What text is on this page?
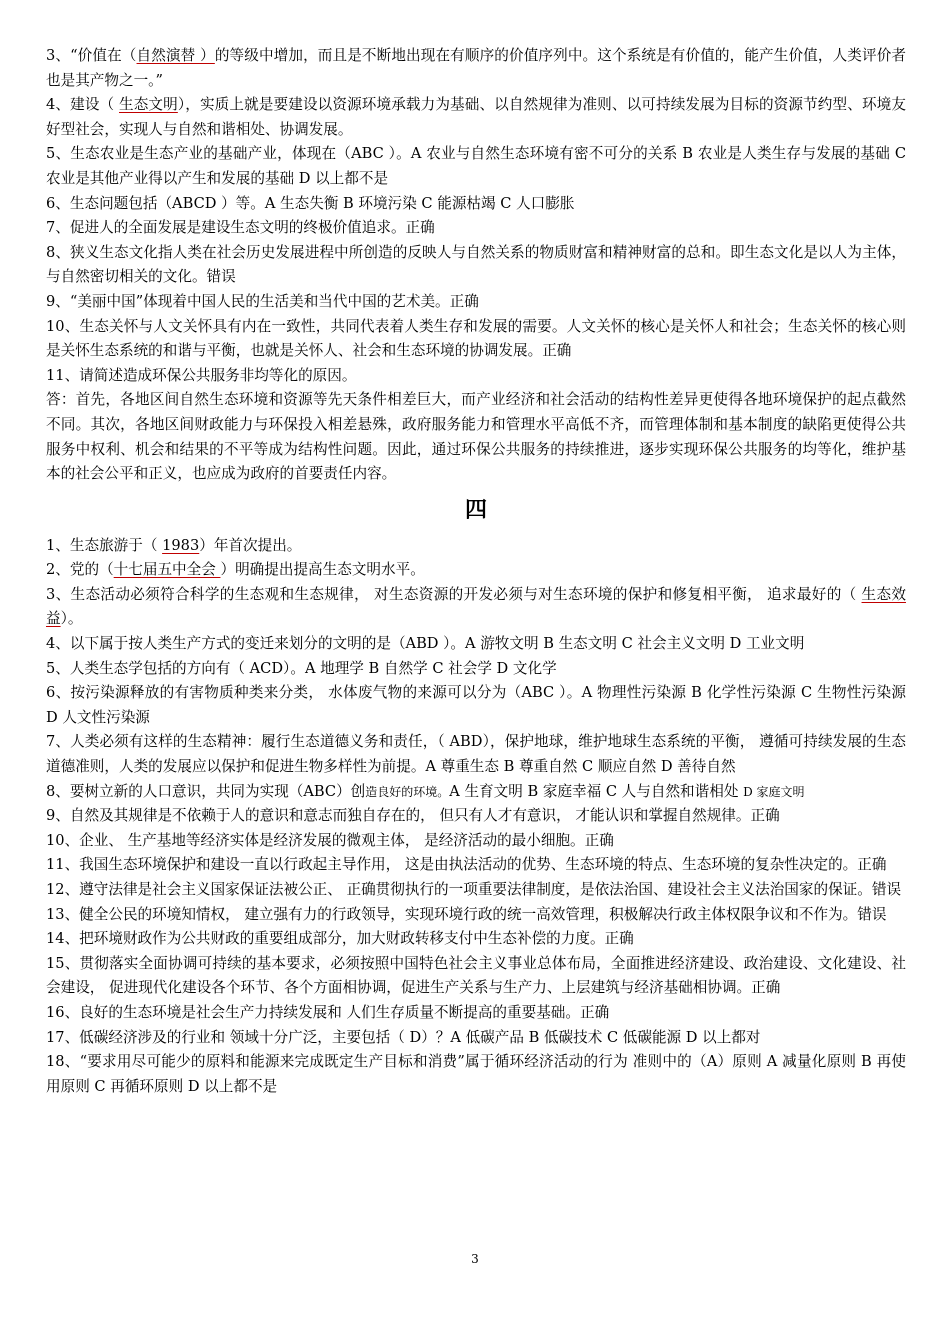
3、“价值在（自然演替 ）的等级中增加，而且是不断地出现在有顺序的价值序列中。这个系统是有价值的，能产生价值，人类评价者也是其产物之一。”

4、建设（ 生态文明），实质上就是要建设以资源环境承载力为基础、以自然规律为准则、以可持续发展为目标的资源节约型、环境友好型社会，实现人与自然和谐相处、协调发展。

5、生态农业是生态产业的基础产业，体现在（ABC ）。A 农业与自然生态环境有密不可分的关系 B 农业是人类生存与发展的基础 C 农业是其他产业得以产生和发展的基础 D 以上都不是

6、生态问题包括（ABCD ）等。A 生态失衡 B 环境污染 C 能源枯竭 C 人口膨胀

7、促进人的全面发展是建设生态文明的终极价值追求。正确

8、狭义生态文化指人类在社会历史发展进程中所创造的反映人与自然关系的物质财富和精神财富的总和。即生态文化是以人为主体，与自然密切相关的文化。错误

9、“美丽中国”体现着中国人民的生活美和当代中国的艺术美。正确

10、生态关怀与人文关怀具有内在一致性，共同代表着人类生存和发展的需要。人文关怀的核心是关怀人和社会；生态关怀的核心则是关怀生态系统的和谐与平衡，也就是关怀人、社会和生态环境的协调发展。正确

11、请简述造成环保公共服务非均等化的原因。

答：首先，各地区间自然生态环境和资源等先天条件相差巨大，而产业经济和社会活动的结构性差异更使得各地环境保护的起点截然不同。其次，各地区间财政能力与环保投入相差悬殊，政府服务能力和管理水平高低不齐，而管理体制和基本制度的缺陷更使得公共服务中权利、机会和结果的不平等成为结构性问题。因此，通过环保公共服务的持续推进，逐步实现环保公共服务的均等化，维护基本的社会公平和正义，也应成为政府的首要责任内容。

四

1、生态旅游于（ 1983）年首次提出。

2、党的（十七届五中全会 ）明确提出提高生态文明水平。

3、生态活动必须符合科学的生态观和生态规律， 对生态资源的开发必须与对生态环境的保护和修复相平衡， 追求最好的（ 生态效益）。

4、以下属于按人类生产方式的变迁来划分的文明的是（ABD ）。A 游牧文明 B 生态文明 C 社会主义文明 D 工业文明

5、人类生态学包括的方向有（ ACD）。A 地理学 B 自然学 C 社会学 D 文化学

6、按污染源释放的有害物质种类来分类， 水体废气物的来源可以分为（ABC ）。A 物理性污染源 B 化学性污染源 C 生物性污染源 D 人文性污染源

7、人类必须有这样的生态精神：履行生态道德义务和责任，（ ABD），保护地球，维护地球生态系统的平衡， 遵循可持续发展的生态道德准则，人类的发展应以保护和促进生物多样性为前提。A 尊重生态 B 尊重自然 C 顺应自然 D 善待自然

8、要树立新的人口意识，共同为实现（ABC）创造良好的环境。A 生育文明 B 家庭幸福 C 人与自然和谐相处 D 家庭文明

9、自然及其规律是不依赖于人的意识和意志而独自存在的， 但只有人才有意识， 才能认识和掌握自然规律。正确

10、企业、 生产基地等经济实体是经济发展的微观主体， 是经济活动的最小细胞。正确

11、我国生态环境保护和建设一直以行政起主导作用， 这是由执法活动的优势、生态环境的特点、生态环境的复杂性决定的。正确

12、遵守法律是社会主义国家保证法被公正、 正确贯彻执行的一项重要法律制度，是依法治国、建设社会主义法治国家的保证。错误

13、健全公民的环境知情权， 建立强有力的行政领导，实现环境行政的统一高效管理，积极解决行政主体权限争议和不作为。错误

14、把环境财政作为公共财政的重要组成部分，加大财政转移支付中生态补偿的力度。正确

15、贯彻落实全面协调可持续的基本要求，必须按照中国特色社会主义事业总体布局，全面推进经济建设、政治建设、文化建设、社会建设， 促进现代化建设各个环节、各个方面相协调，促进生产关系与生产力、上层建筑与经济基础相协调。正确

16、良好的生态环境是社会生产力持续发展和 人们生存质量不断提高的重要基础。正确

17、低碳经济涉及的行业和 领域十分广泛，主要包括（ D）？A 低碳产品 B 低碳技术 C 低碳能源 D 以上都对

18、“要求用尽可能少的原料和能源来完成既定生产目标和消费”属于循环经济活动的行为 准则中的（A）原则 A 减量化原则 B 再使用原则 C 再循环原则 D 以上都不是

3
